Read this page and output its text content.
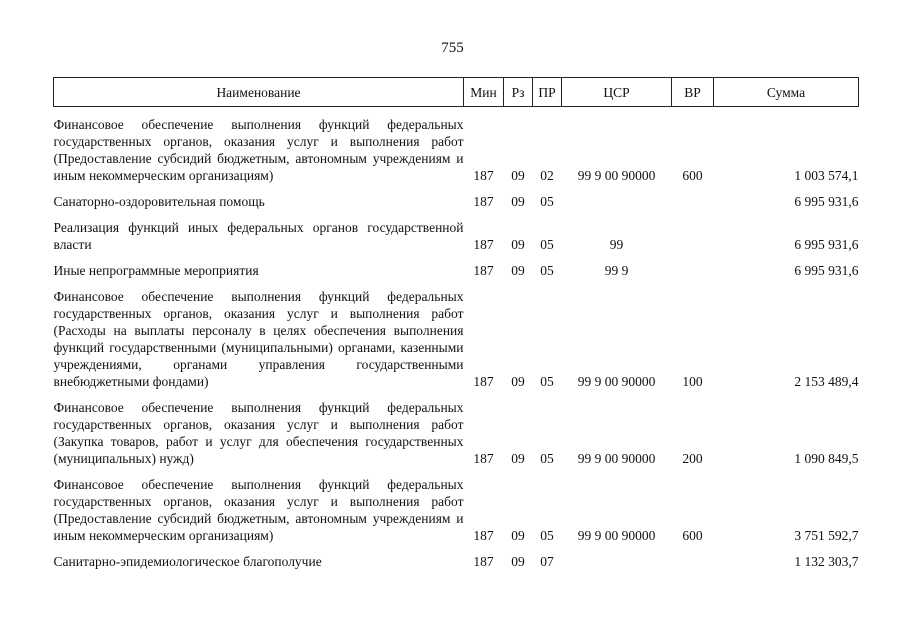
755
Наименование	Мин	Рз	ПР	ЦСР	ВР	Сумма

Финансовое обеспечение выполнения функций федеральных государственных органов, оказания услуг и выполнения работ (Предоставление субсидий бюджетным, автономным учреждениям и иным некоммерческим организациям)	187	09	02	99 9 00 90000	600	1 003 574,1

Санаторно-оздоровительная помощь	187	09	05			6 995 931,6

Реализация функций иных федеральных органов государственной власти	187	09	05	99		6 995 931,6

Иные непрограммные мероприятия	187	09	05	99 9		6 995 931,6

Финансовое обеспечение выполнения функций федеральных государственных органов, оказания услуг и выполнения работ (Расходы на выплаты персоналу в целях обеспечения выполнения функций государственными (муниципальными) органами, казенными учреждениями, органами управления государственными внебюджетными фондами)	187	09	05	99 9 00 90000	100	2 153 489,4

Финансовое обеспечение выполнения функций федеральных государственных органов, оказания услуг и выполнения работ (Закупка товаров, работ и услуг для обеспечения государственных (муниципальных) нужд)	187	09	05	99 9 00 90000	200	1 090 849,5

Финансовое обеспечение выполнения функций федеральных государственных органов, оказания услуг и выполнения работ (Предоставление субсидий бюджетным, автономным учреждениям и иным некоммерческим организациям)	187	09	05	99 9 00 90000	600	3 751 592,7

Санитарно-эпидемиологическое благополучие	187	09	07			1 132 303,7
